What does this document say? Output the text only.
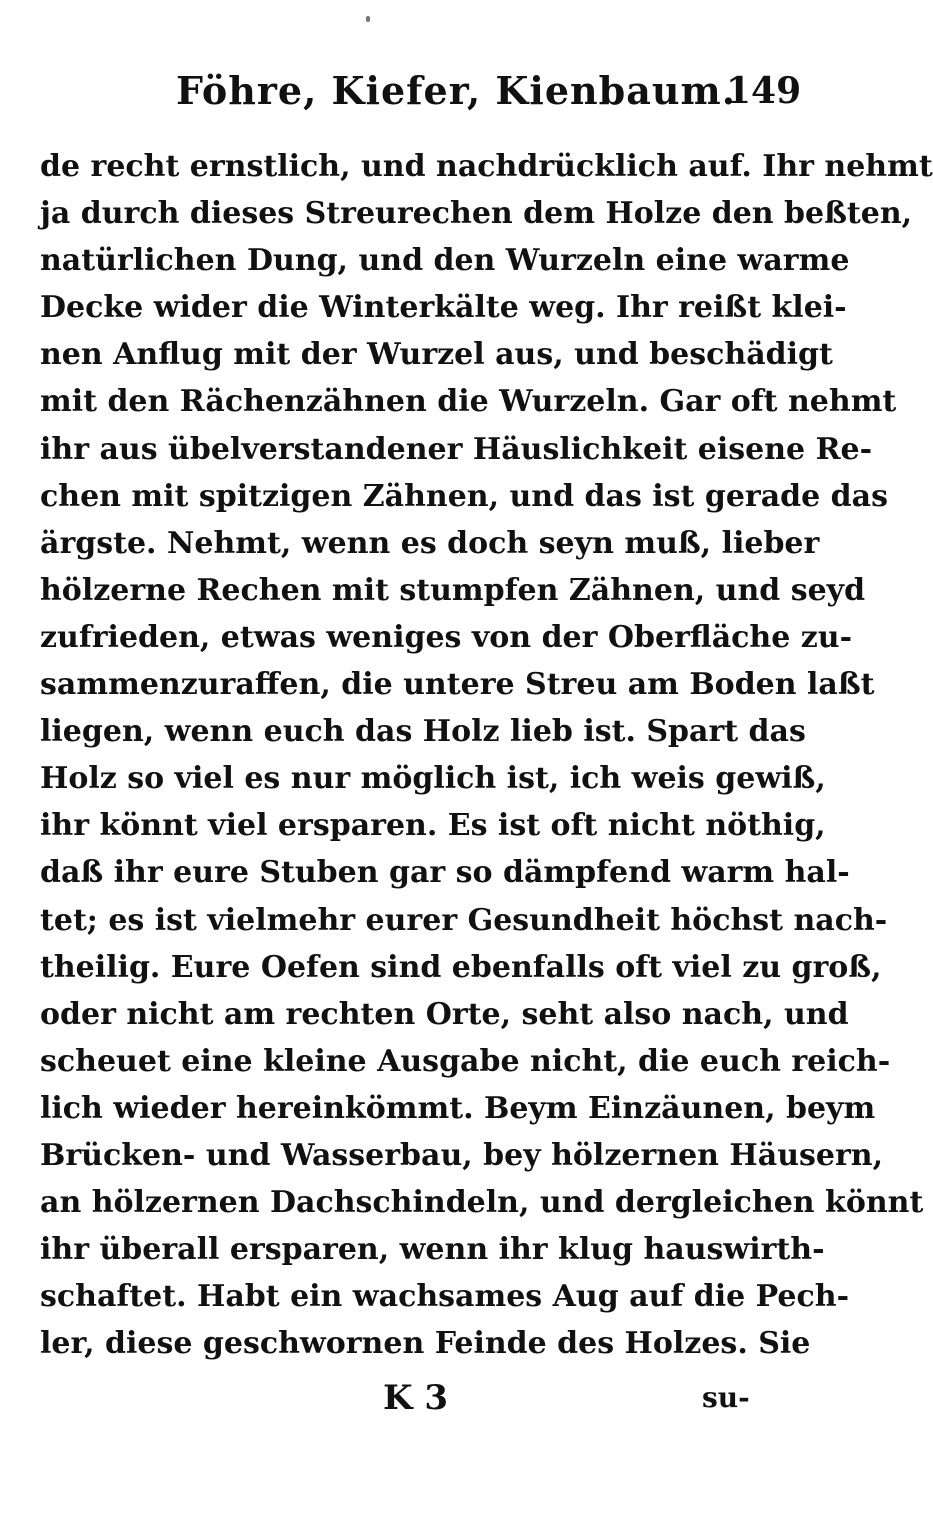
Föhre, Kiefer, Kienbaum.
149
de recht ernstlich, und nachdrücklich auf. Ihr nehmt
ja durch dieses Streurechen dem Holze den beßten,
natürlichen Dung, und den Wurzeln eine warme
Decke wider die Winterkälte weg. Ihr reißt klei-
nen Anflug mit der Wurzel aus, und beschädigt
mit den Rächenzähnen die Wurzeln. Gar oft nehmt
ihr aus übelverstandener Häuslichkeit eisene Re-
chen mit spitzigen Zähnen, und das ist gerade das
ärgste. Nehmt, wenn es doch seyn muß, lieber
hölzerne Rechen mit stumpfen Zähnen, und seyd
zufrieden, etwas weniges von der Oberfläche zu-
sammenzuraffen, die untere Streu am Boden laßt
liegen, wenn euch das Holz lieb ist. Spart das
Holz so viel es nur möglich ist, ich weis gewiß,
ihr könnt viel ersparen. Es ist oft nicht nöthig,
daß ihr eure Stuben gar so dämpfend warm hal-
tet; es ist vielmehr eurer Gesundheit höchst nach-
theilig. Eure Oefen sind ebenfalls oft viel zu groß,
oder nicht am rechten Orte, seht also nach, und
scheuet eine kleine Ausgabe nicht, die euch reich-
lich wieder hereinkömmt. Beym Einzäunen, beym
Brücken- und Wasserbau, bey hölzernen Häusern,
an hölzernen Dachschindeln, und dergleichen könnt
ihr überall ersparen, wenn ihr klug hauswirth-
schaftet. Habt ein wachsames Aug auf die Pech-
ler, diese geschwornen Feinde des Holzes. Sie
K 3	su-
